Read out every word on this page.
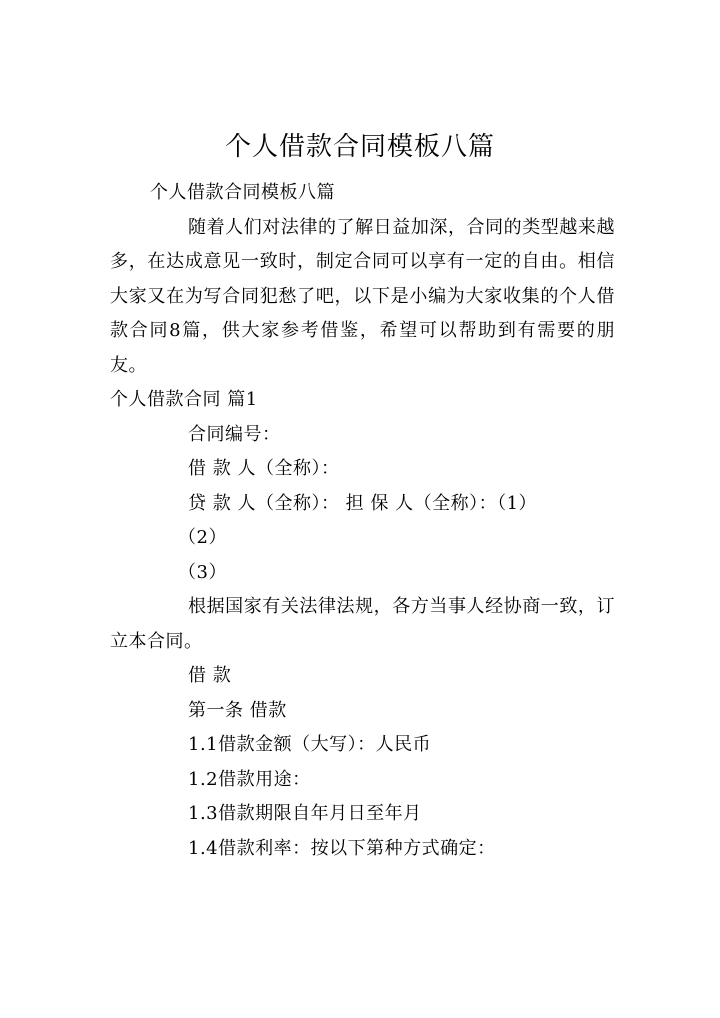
个人借款合同模板八篇

个人借款合同模板八篇

随着人们对法律的了解日益加深，合同的类型越来越多，在达成意见一致时，制定合同可以享有一定的自由。相信大家又在为写合同犯愁了吧，以下是小编为大家收集的个人借款合同8篇，供大家参考借鉴，希望可以帮助到有需要的朋友。

个人借款合同 篇1

合同编号：

借 款 人（全称）：

贷 款 人（全称）： 担 保 人（全称）：（1）

（2）

（3）

根据国家有关法律法规，各方当事人经协商一致，订立本合同。

借 款

第一条 借款

1.1借款金额（大写）：人民币

1.2借款用途：

1.3借款期限自年月日至年月

1.4借款利率：按以下第种方式确定：
